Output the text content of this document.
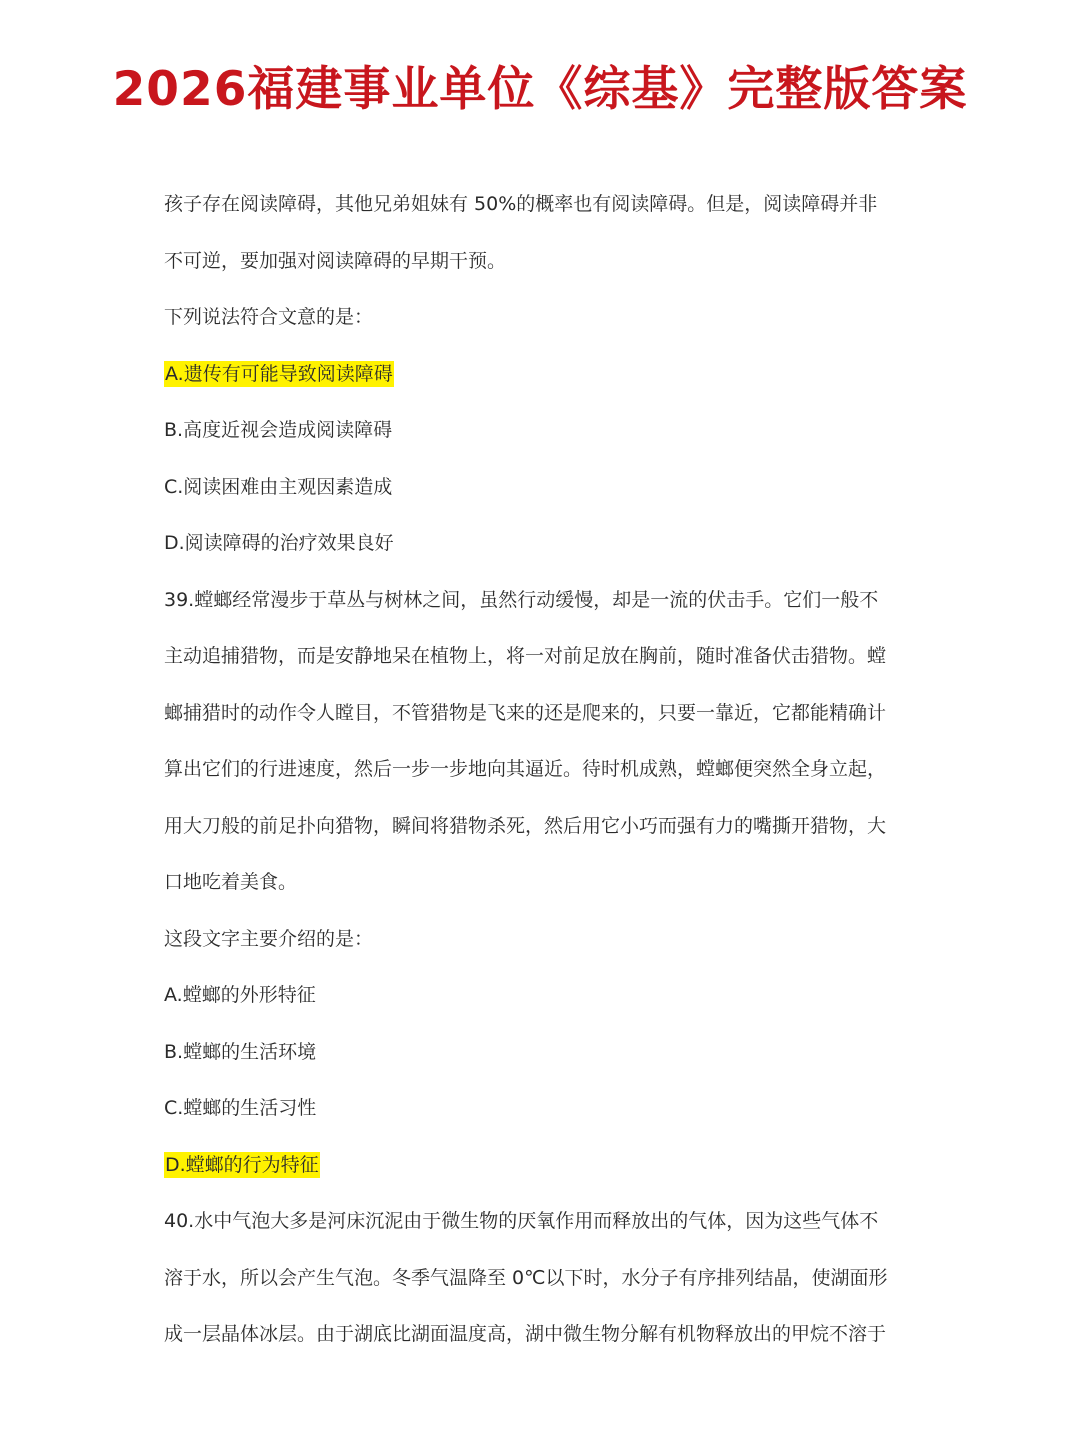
2026福建事业单位《综基》完整版答案
孩子存在阅读障碍，其他兄弟姐妹有 50%的概率也有阅读障碍。但是，阅读障碍并非
不可逆，要加强对阅读障碍的早期干预。
下列说法符合文意的是：
A.遗传有可能导致阅读障碍
B.高度近视会造成阅读障碍
C.阅读困难由主观因素造成
D.阅读障碍的治疗效果良好
39.螳螂经常漫步于草丛与树林之间，虽然行动缓慢，却是一流的伏击手。它们一般不
主动追捕猎物，而是安静地呆在植物上，将一对前足放在胸前，随时准备伏击猎物。螳
螂捕猎时的动作令人瞠目，不管猎物是飞来的还是爬来的，只要一靠近，它都能精确计
算出它们的行进速度，然后一步一步地向其逼近。待时机成熟，螳螂便突然全身立起，
用大刀般的前足扑向猎物，瞬间将猎物杀死，然后用它小巧而强有力的嘴撕开猎物，大
口地吃着美食。
这段文字主要介绍的是：
A.螳螂的外形特征
B.螳螂的生活环境
C.螳螂的生活习性
D.螳螂的行为特征
40.水中气泡大多是河床沉泥由于微生物的厌氧作用而释放出的气体，因为这些气体不
溶于水，所以会产生气泡。冬季气温降至 0℃以下时，水分子有序排列结晶，使湖面形
成一层晶体冰层。由于湖底比湖面温度高，湖中微生物分解有机物释放出的甲烷不溶于
